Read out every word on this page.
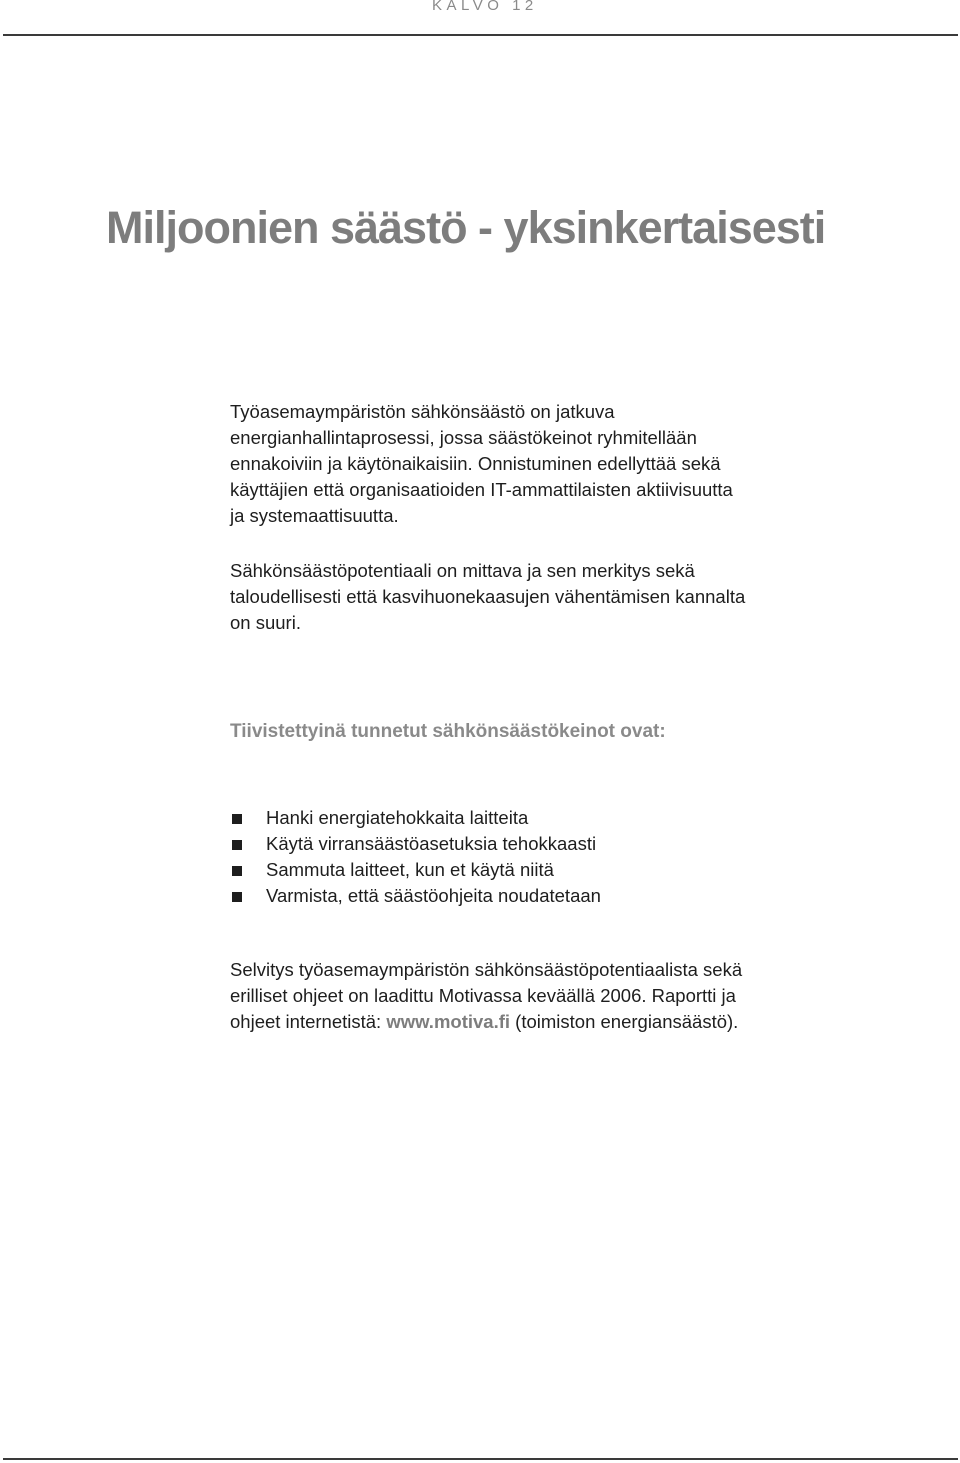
KALVO 12
Miljoonien säästö - yksinkertaisesti

Työasemaympäristön sähkönsäästö on jatkuva energianhallintaprosessi, jossa säästökeinot ryhmitellään ennakoiviin ja käytönaikaisiin. Onnistuminen edellyttää sekä käyttäjien että organisaatioiden IT-ammattilaisten aktiivisuutta ja systemaattisuutta.

Sähkönsäästöpotentiaali on mittava ja sen merkitys sekä taloudellisesti että kasvihuonekaasujen vähentämisen kannalta on suuri.

Tiivistettyinä tunnetut sähkönsäästökeinot ovat:
Hanki energiatehokkaita laitteita
Käytä virransäästöasetuksia tehokkaasti
Sammuta laitteet, kun et käytä niitä
Varmista, että säästöohjeita noudatetaan

Selvitys työasemaympäristön sähkönsäästöpotentiaalista sekä erilliset ohjeet on laadittu Motivassa keväällä 2006. Raportti ja ohjeet internetistä: www.motiva.fi (toimiston energiansäästö).
